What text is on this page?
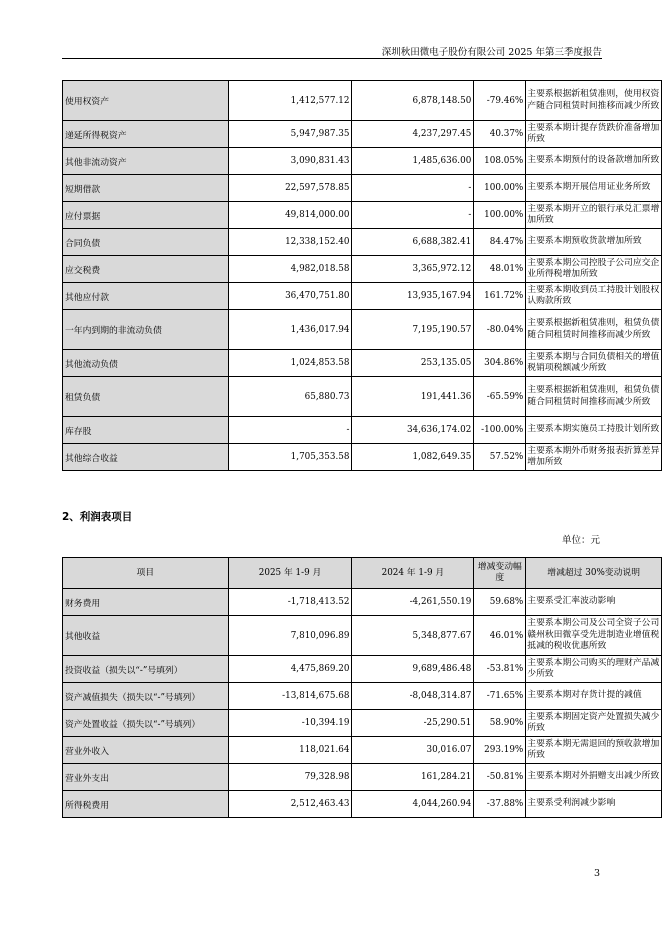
深圳秋田微电子股份有限公司 2025 年第三季度报告
使用权资产	1,412,577.12	6,878,148.50	-79.46%	主要系根据新租赁准则，使用权资产随合同租赁时间推移而减少所致
递延所得税资产	5,947,987.35	4,237,297.45	40.37%	主要系本期计提存货跌价准备增加所致
其他非流动资产	3,090,831.43	1,485,636.00	108.05%	主要系本期预付的设备款增加所致
短期借款	22,597,578.85	-	100.00%	主要系本期开展信用证业务所致
应付票据	49,814,000.00	-	100.00%	主要系本期开立的银行承兑汇票增加所致
合同负债	12,338,152.40	6,688,382.41	84.47%	主要系本期预收货款增加所致
应交税费	4,982,018.58	3,365,972.12	48.01%	主要系本期公司控股子公司应交企业所得税增加所致
其他应付款	36,470,751.80	13,935,167.94	161.72%	主要系本期收到员工持股计划股权认购款所致
一年内到期的非流动负债	1,436,017.94	7,195,190.57	-80.04%	主要系根据新租赁准则，租赁负债随合同租赁时间推移而减少所致
其他流动负债	1,024,853.58	253,135.05	304.86%	主要系本期与合同负债相关的增值税销项税额减少所致
租赁负债	65,880.73	191,441.36	-65.59%	主要系根据新租赁准则，租赁负债随合同租赁时间推移而减少所致
库存股	-	34,636,174.02	-100.00%	主要系本期实施员工持股计划所致
其他综合收益	1,705,353.58	1,082,649.35	57.52%	主要系本期外币财务报表折算差异增加所致
2、利润表项目
单位：元
项目	2025 年 1-9 月	2024 年 1-9 月	增减变动幅度	增减超过 30%变动说明
财务费用	-1,718,413.52	-4,261,550.19	59.68%	主要系受汇率波动影响
其他收益	7,810,096.89	5,348,877.67	46.01%	主要系本期公司及公司全资子公司赣州秋田微享受先进制造业增值税抵减的税收优惠所致
投资收益（损失以“-”号填列）	4,475,869.20	9,689,486.48	-53.81%	主要系本期公司购买的理财产品减少所致
资产减值损失（损失以“-”号填列）	-13,814,675.68	-8,048,314.87	-71.65%	主要系本期对存货计提的减值
资产处置收益（损失以“-”号填列）	-10,394.19	-25,290.51	58.90%	主要系本期固定资产处置损失减少所致
营业外收入	118,021.64	30,016.07	293.19%	主要系本期无需退回的预收款增加所致
营业外支出	79,328.98	161,284.21	-50.81%	主要系本期对外捐赠支出减少所致
所得税费用	2,512,463.43	4,044,260.94	-37.88%	主要系受利润减少影响
3
